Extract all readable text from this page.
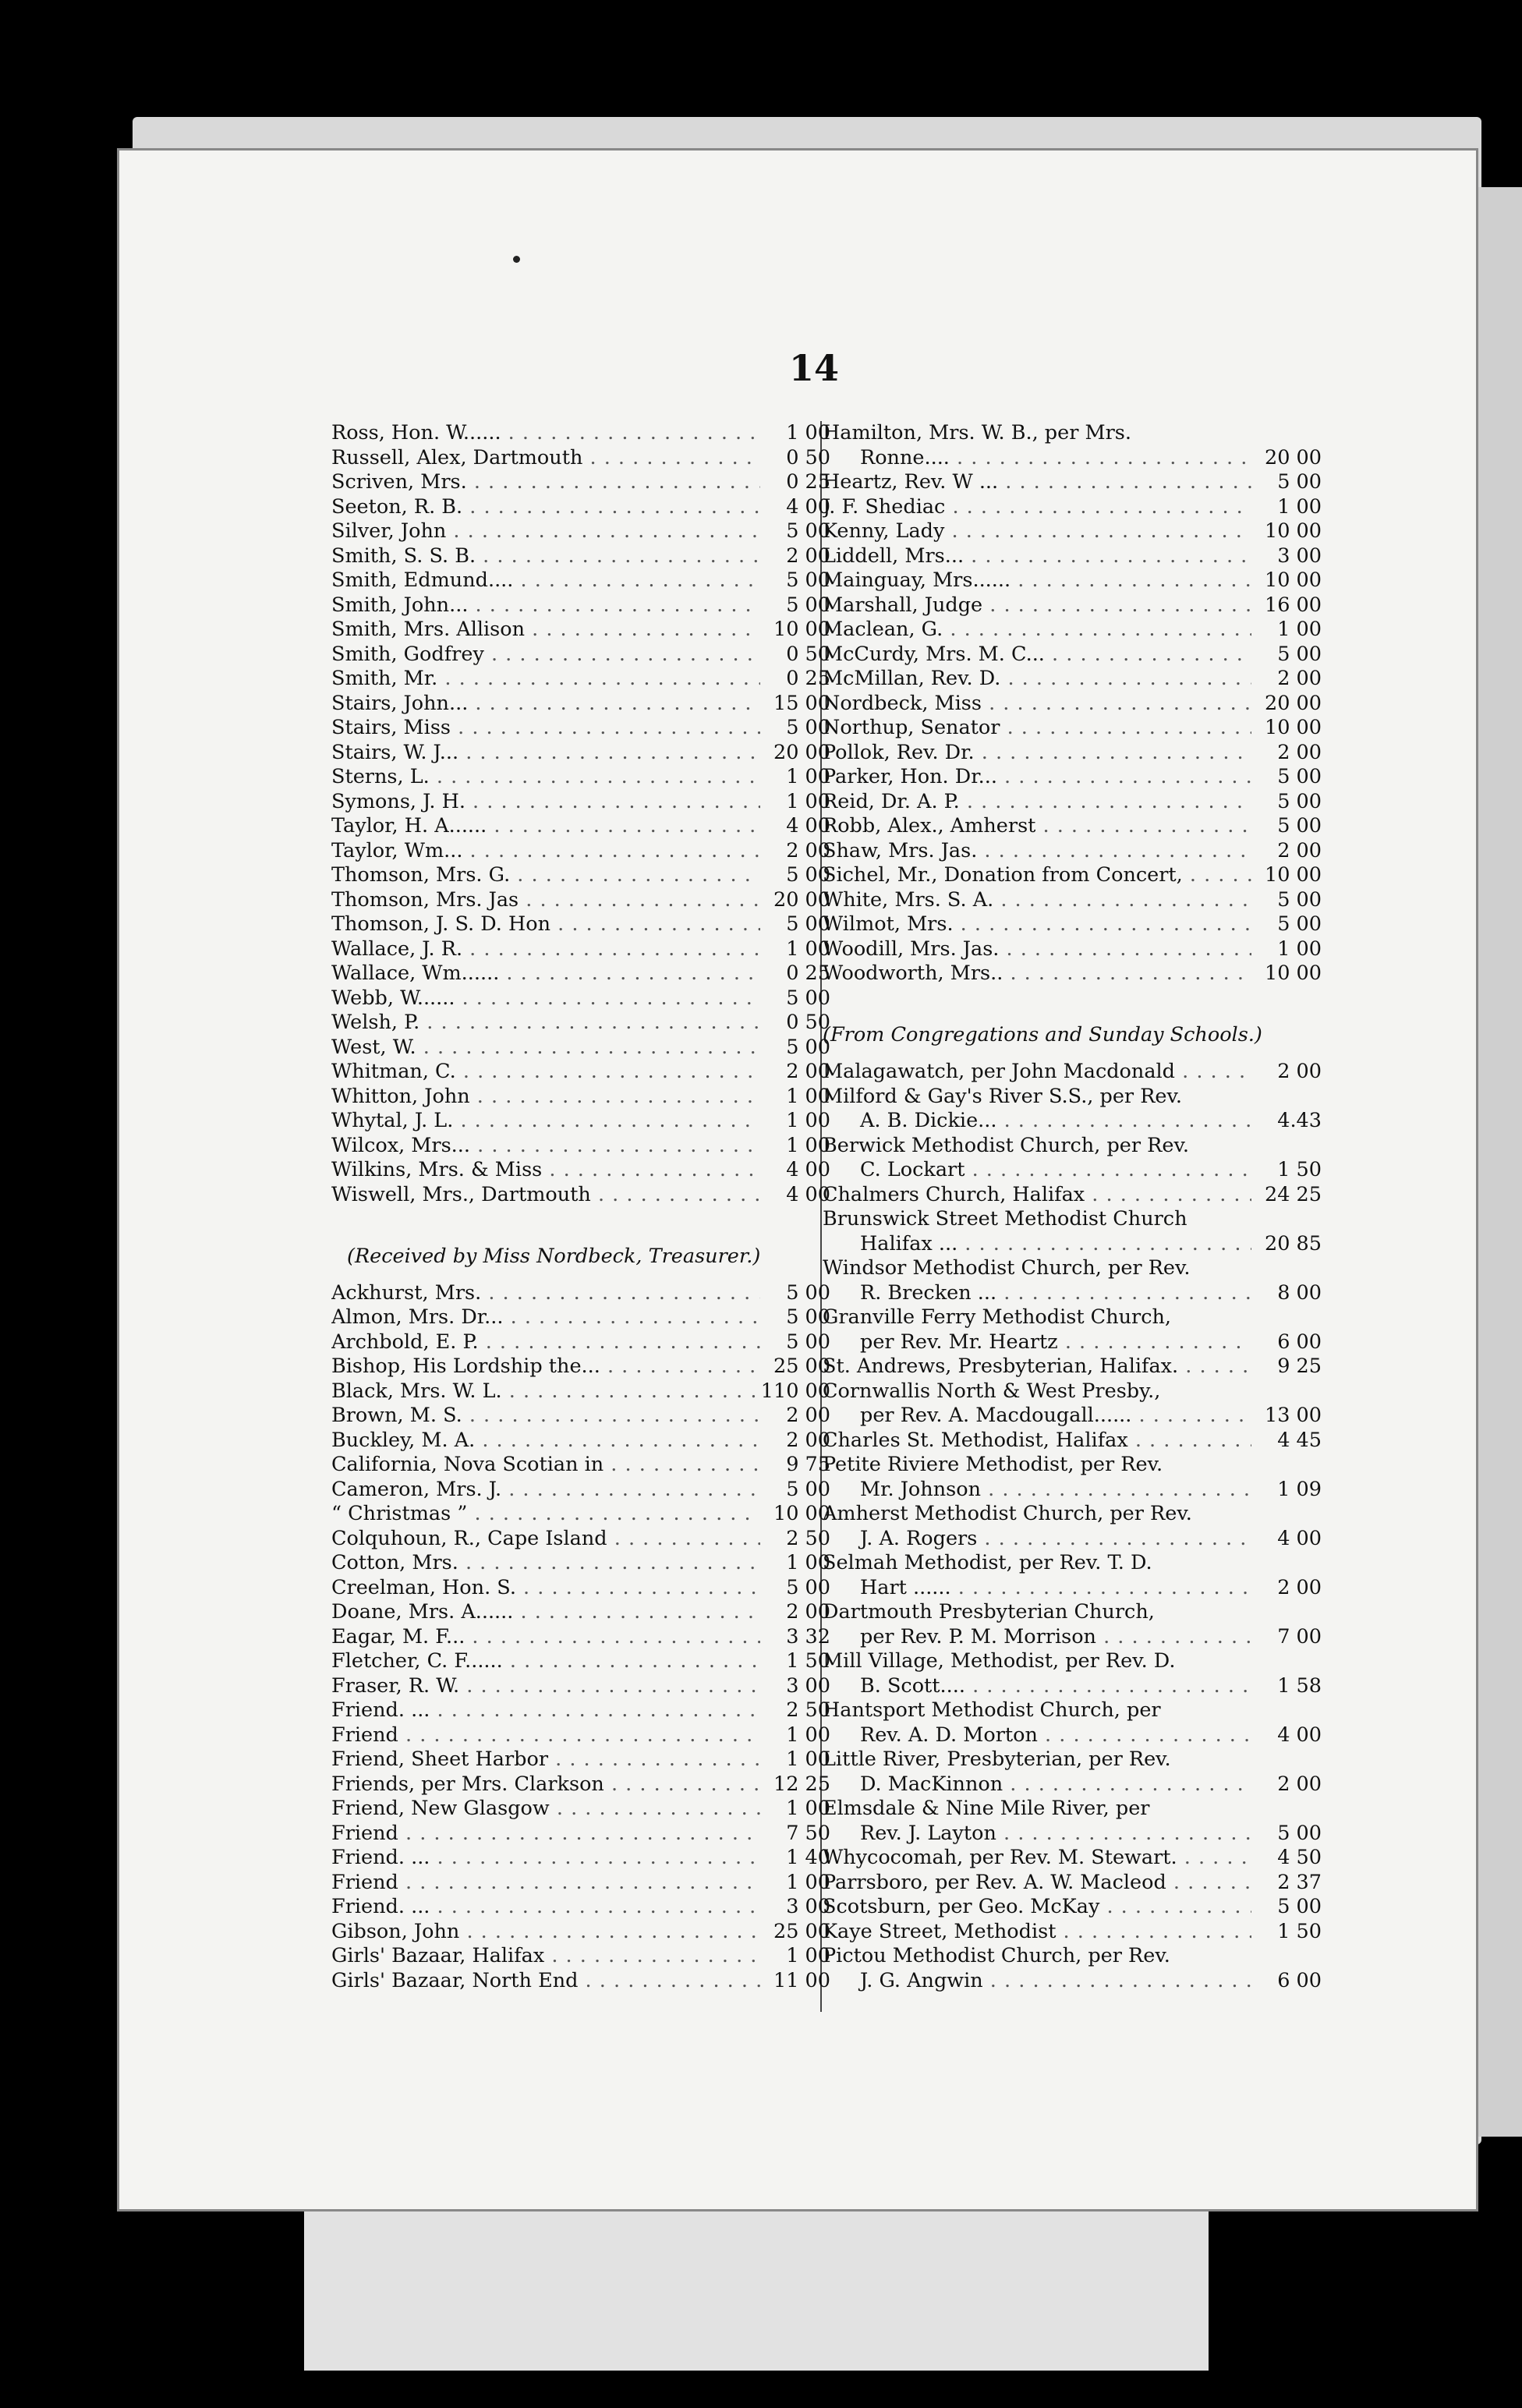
14
Ross, Hon. W...... . . .	1 00
Russell, Alex, Dartmouth . . .	0 50
Scriven, Mrs. . . .	0 25
Seeton, R. B. . . .	4 00
Silver, John . . .	5 00
Smith, S. S. B. . . .	2 00
Smith, Edmund.... . . .	5 00
Smith, John... . . .	5 00
Smith, Mrs. Allison . . .	10 00
Smith, Godfrey . . .	0 50
Smith, Mr. . . .	0 25
Stairs, John... . . .	15 00
Stairs, Miss . . .	5 00
Stairs, W. J... . . .	20 00
Sterns, L. . . .	1 00
Symons, J. H. . . .	1 00
Taylor, H. A...... . . .	4 00
Taylor, Wm... . . .	2 00
Thomson, Mrs. G. . . .	5 00
Thomson, Mrs. Jas . . .	20 00
Thomson, J. S. D. Hon . . .	5 00
Wallace, J. R. . . .	1 00
Wallace, Wm...... . . .	0 25
Webb, W...... . . .	5 00
Welsh, P. . . .	0 50
West, W. . . .	5 00
Whitman, C. . . .	2 00
Whitton, John . . .	1 00
Whytal, J. L. . . .	1 00
Wilcox, Mrs... . . .	1 00
Wilkins, Mrs. & Miss . . .	4 00
Wiswell, Mrs., Dartmouth . . .	4 00
(Received by Miss Nordbeck, Treasurer.)
Ackhurst, Mrs. . . .	5 00
Almon, Mrs. Dr... . . .	5 00
Archbold, E. P. . . .	5 00
Bishop, His Lordship the... . . .	25 00
Black, Mrs. W. L. . . .	110 00
Brown, M. S. . . .	2 00
Buckley, M. A. . . .	2 00
California, Nova Scotian in . . .	9 75
Cameron, Mrs. J. . . .	5 00
“ Christmas ” . . .	10 00
Colquhoun, R., Cape Island . . .	2 50
Cotton, Mrs. . . .	1 00
Creelman, Hon. S. . . .	5 00
Doane, Mrs. A...... . . .	2 00
Eagar, M. F... . . .	3 32
Fletcher, C. F...... . . .	1 50
Fraser, R. W. . . .	3 00
Friend. ... . . .	2 50
Friend . . .	1 00
Friend, Sheet Harbor . . .	1 00
Friends, per Mrs. Clarkson . . .	12 25
Friend, New Glasgow . . .	1 00
Friend . . .	7 50
Friend. ... . . .	1 40
Friend . . .	1 00
Friend. ... . . .	3 00
Gibson, John . . .	25 00
Girls' Bazaar, Halifax . . .	1 00
Girls' Bazaar, North End . . .	11 00
Hamilton, Mrs. W. B., per Mrs.
Ronne.... . . .	20 00
Heartz, Rev. W ... . . .	5 00
J. F. Shediac . . .	1 00
Kenny, Lady . . .	10 00
Liddell, Mrs... . . .	3 00
Mainguay, Mrs...... . . .	10 00
Marshall, Judge . . .	16 00
Maclean, G. . . .	1 00
McCurdy, Mrs. M. C... . . .	5 00
McMillan, Rev. D. . . .	2 00
Nordbeck, Miss . . .	20 00
Northup, Senator . . .	10 00
Pollok, Rev. Dr. . . .	2 00
Parker, Hon. Dr... . . .	5 00
Reid, Dr. A. P. . . .	5 00
Robb, Alex., Amherst . . .	5 00
Shaw, Mrs. Jas. . . .	2 00
Sichel, Mr., Donation from Concert, . . .	10 00
White, Mrs. S. A. . . .	5 00
Wilmot, Mrs. . . .	5 00
Woodill, Mrs. Jas. . . .	1 00
Woodworth, Mrs.. . . .	10 00
(From Congregations and Sunday Schools.)
Malagawatch, per John Macdonald . . .	2 00
Milford & Gay's River S.S., per Rev.
A. B. Dickie... . . .	4.43
Berwick Methodist Church, per Rev.
C. Lockart . . .	1 50
Chalmers Church, Halifax . . .	24 25
Brunswick Street Methodist Church
Halifax ... . . .	20 85
Windsor Methodist Church, per Rev.
R. Brecken ... . . .	8 00
Granville Ferry Methodist Church,
per Rev. Mr. Heartz . . .	6 00
St. Andrews, Presbyterian, Halifax. . . .	9 25
Cornwallis North & West Presby.,
per Rev. A. Macdougall...... . . .	13 00
Charles St. Methodist, Halifax . . .	4 45
Petite Riviere Methodist, per Rev.
Mr. Johnson . . .	1 09
Amherst Methodist Church, per Rev.
J. A. Rogers . . .	4 00
Selmah Methodist, per Rev. T. D.
Hart ...... . . .	2 00
Dartmouth Presbyterian Church,
per Rev. P. M. Morrison . . .	7 00
Mill Village, Methodist, per Rev. D.
B. Scott.... . . .	1 58
Hantsport Methodist Church, per
Rev. A. D. Morton . . .	4 00
Little River, Presbyterian, per Rev.
D. MacKinnon . . .	2 00
Elmsdale & Nine Mile River, per
Rev. J. Layton . . .	5 00
Whycocomah, per Rev. M. Stewart. . . .	4 50
Parrsboro, per Rev. A. W. Macleod . . .	2 37
Scotsburn, per Geo. McKay . . .	5 00
Kaye Street, Methodist . . .	1 50
Pictou Methodist Church, per Rev.
J. G. Angwin . . .	6 00
